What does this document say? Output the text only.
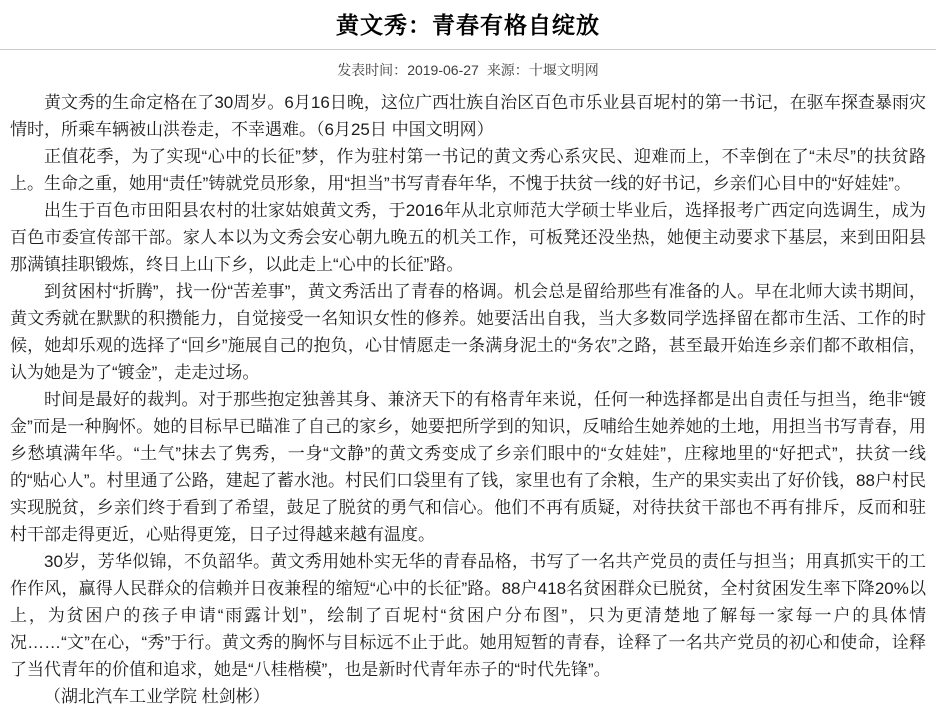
黄文秀：青春有格自绽放
发表时间：2019-06-27 来源：十堰文明网

黄文秀的生命定格在了30周岁。6月16日晚，这位广西壮族自治区百色市乐业县百坭村的第一书记，在驱车探查暴雨灾情时，所乘车辆被山洪卷走，不幸遇难。（6月25日 中国文明网）

正值花季，为了实现“心中的长征”梦，作为驻村第一书记的黄文秀心系灾民、迎难而上，不幸倒在了“未尽”的扶贫路上。生命之重，她用“责任”铸就党员形象，用“担当”书写青春年华，不愧于扶贫一线的好书记，乡亲们心目中的“好娃娃”。

出生于百色市田阳县农村的壮家姑娘黄文秀，于2016年从北京师范大学硕士毕业后，选择报考广西定向选调生，成为百色市委宣传部干部。家人本以为文秀会安心朝九晚五的机关工作，可板凳还没坐热，她便主动要求下基层，来到田阳县那满镇挂职锻炼，终日上山下乡，以此走上“心中的长征”路。

到贫困村“折腾”，找一份“苦差事”，黄文秀活出了青春的格调。机会总是留给那些有准备的人。早在北师大读书期间，黄文秀就在默默的积攒能力，自觉接受一名知识女性的修养。她要活出自我，当大多数同学选择留在都市生活、工作的时候，她却乐观的选择了“回乡”施展自己的抱负，心甘情愿走一条满身泥土的“务农”之路，甚至最开始连乡亲们都不敢相信，认为她是为了“镀金”，走走过场。

时间是最好的裁判。对于那些抱定独善其身、兼济天下的有格青年来说，任何一种选择都是出自责任与担当，绝非“镀金”而是一种胸怀。她的目标早已瞄准了自己的家乡，她要把所学到的知识，反哺给生她养她的土地，用担当书写青春，用乡愁填满年华。“土气”抹去了隽秀，一身“文静”的黄文秀变成了乡亲们眼中的“女娃娃”，庄稼地里的“好把式”，扶贫一线的“贴心人”。村里通了公路，建起了蓄水池。村民们口袋里有了钱，家里也有了余粮，生产的果实卖出了好价钱，88户村民实现脱贫，乡亲们终于看到了希望，鼓足了脱贫的勇气和信心。他们不再有质疑，对待扶贫干部也不再有排斥，反而和驻村干部走得更近，心贴得更笼，日子过得越来越有温度。

30岁，芳华似锦，不负韶华。黄文秀用她朴实无华的青春品格，书写了一名共产党员的责任与担当；用真抓实干的工作作风，赢得人民群众的信赖并日夜兼程的缩短“心中的长征”路。88户418名贫困群众已脱贫，全村贫困发生率下降20%以上，为贫困户的孩子申请“雨露计划”，绘制了百坭村“贫困户分布图”，只为更清楚地了解每一家每一户的具体情况……“文”在心，“秀”于行。黄文秀的胸怀与目标远不止于此。她用短暂的青春，诠释了一名共产党员的初心和使命，诠释了当代青年的价值和追求，她是“八桂楷模”，也是新时代青年赤子的“时代先锋”。

（湖北汽车工业学院 杜剑彬）
